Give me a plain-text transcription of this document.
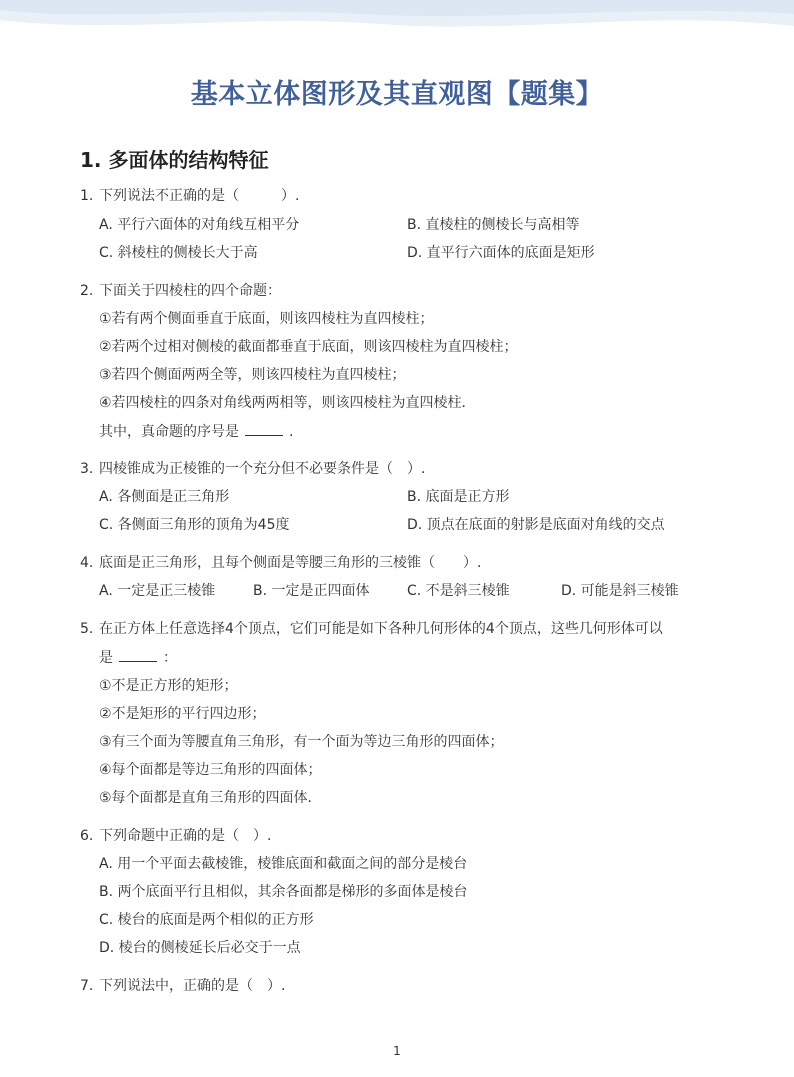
基本立体图形及其直观图【题集】
1. 多面体的结构特征
1. 下列说法不正确的是（　　　）.
A. 平行六面体的对角线互相平分	B. 直棱柱的侧棱长与高相等
C. 斜棱柱的侧棱长大于高	D. 直平行六面体的底面是矩形
2. 下面关于四棱柱的四个命题：
①若有两个侧面垂直于底面，则该四棱柱为直四棱柱；
②若两个过相对侧棱的截面都垂直于底面，则该四棱柱为直四棱柱；
③若四个侧面两两全等，则该四棱柱为直四棱柱；
④若四棱柱的四条对角线两两相等，则该四棱柱为直四棱柱．
其中，真命题的序号是	.
3. 四棱锥成为正棱锥的一个充分但不必要条件是（　）.
A. 各侧面是正三角形	B. 底面是正方形
C. 各侧面三角形的顶角为45度	D. 顶点在底面的射影是底面对角线的交点
4. 底面是正三角形，且每个侧面是等腰三角形的三棱锥（　　）.
A. 一定是正三棱锥	B. 一定是正四面体	C. 不是斜三棱锥	D. 可能是斜三棱锥
5. 在正方体上任意选择4个顶点，它们可能是如下各种几何形体的4个顶点，这些几何形体可以
是	：
①不是正方形的矩形；
②不是矩形的平行四边形；
③有三个面为等腰直角三角形，有一个面为等边三角形的四面体；
④每个面都是等边三角形的四面体；
⑤每个面都是直角三角形的四面体．
6. 下列命题中正确的是（　）.
A. 用一个平面去截棱锥，棱锥底面和截面之间的部分是棱台
B. 两个底面平行且相似，其余各面都是梯形的多面体是棱台
C. 棱台的底面是两个相似的正方形
D. 棱台的侧棱延长后必交于一点
7. 下列说法中，正确的是（　）.
1
